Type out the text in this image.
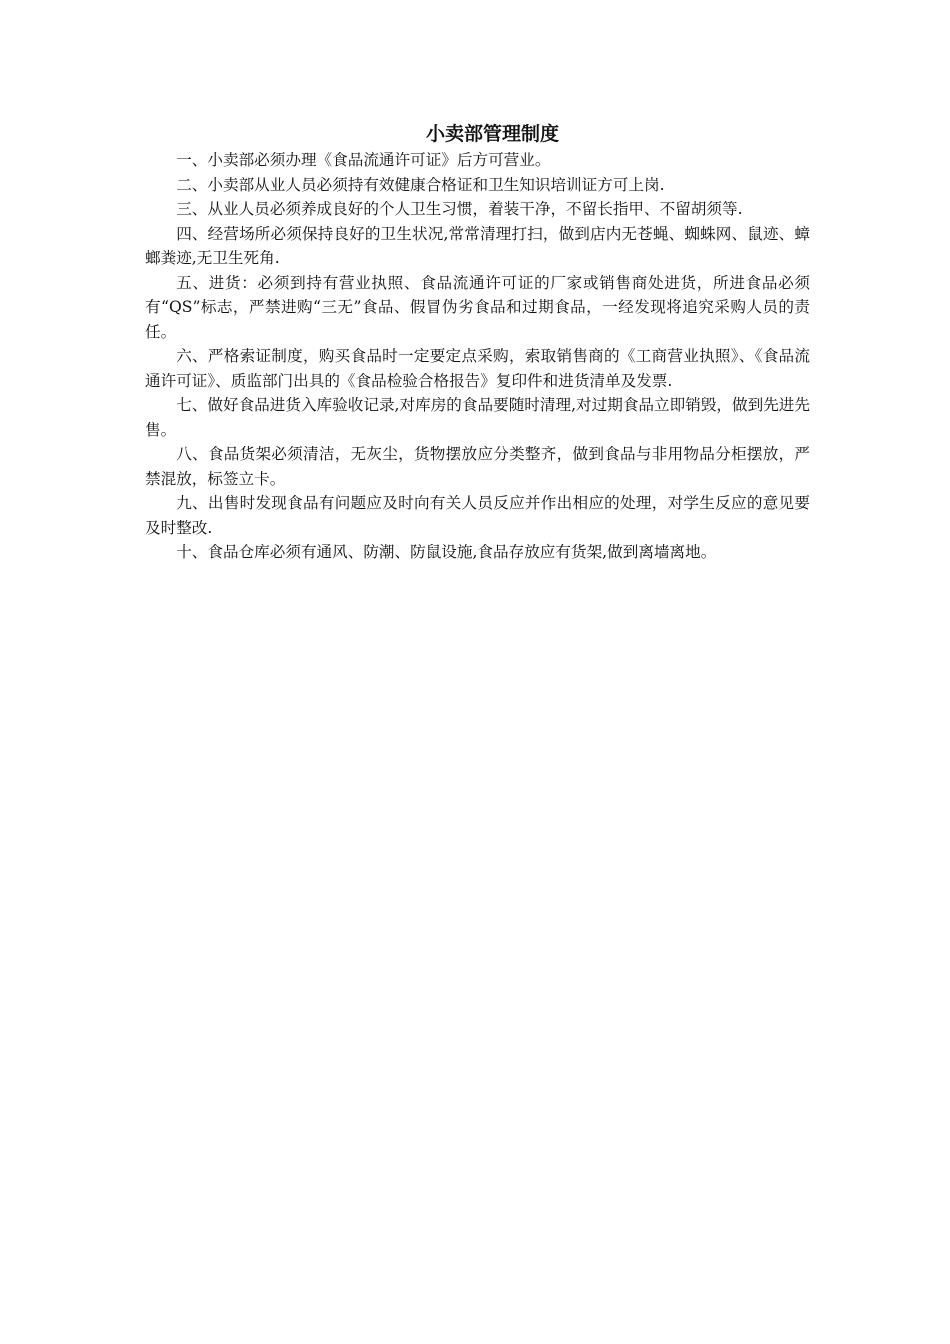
小卖部管理制度

一、小卖部必须办理《食品流通许可证》后方可营业。

二、小卖部从业人员必须持有效健康合格证和卫生知识培训证方可上岗.

三、从业人员必须养成良好的个人卫生习惯，着装干净，不留长指甲、不留胡须等.

四、经营场所必须保持良好的卫生状况,常常清理打扫，做到店内无苍蝇、蜘蛛网、鼠迹、蟑螂粪迹,无卫生死角.

五、进货：必须到持有营业执照、食品流通许可证的厂家或销售商处进货，所进食品必须有“QS”标志，严禁进购“三无”食品、假冒伪劣食品和过期食品，一经发现将追究采购人员的责任。

六、严格索证制度，购买食品时一定要定点采购，索取销售商的《工商营业执照》、《食品流通许可证》、质监部门出具的《食品检验合格报告》复印件和进货清单及发票.

七、做好食品进货入库验收记录,对库房的食品要随时清理,对过期食品立即销毁，做到先进先售。

八、食品货架必须清洁，无灰尘，货物摆放应分类整齐，做到食品与非用物品分柜摆放，严禁混放，标签立卡。

九、出售时发现食品有问题应及时向有关人员反应并作出相应的处理，对学生反应的意见要及时整改.

十、食品仓库必须有通风、防潮、防鼠设施,食品存放应有货架,做到离墙离地。
